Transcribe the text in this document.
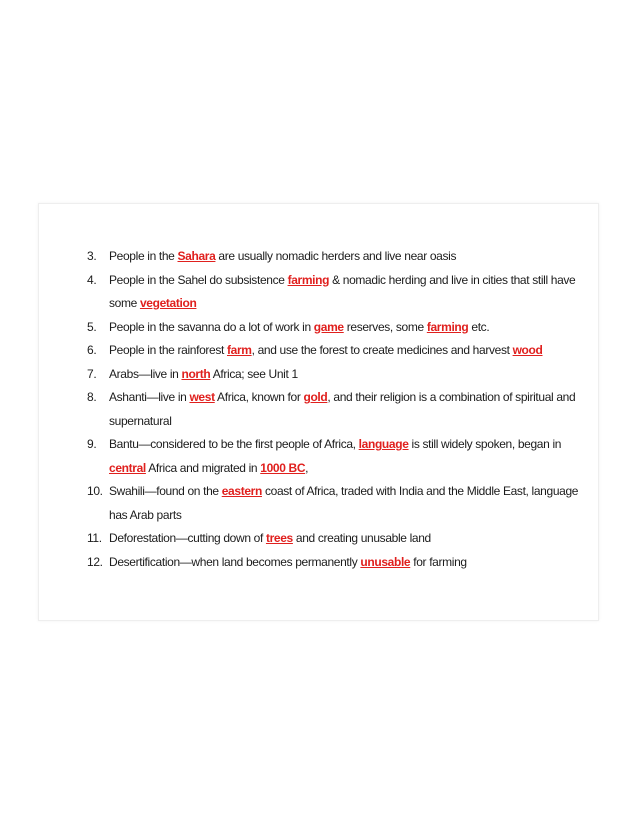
3.	People in the Sahara are usually nomadic herders and live near oasis
4.	People in the Sahel do subsistence farming & nomadic herding and live in cities that still have some vegetation
5.	People in the savanna do a lot of work in game reserves, some farming etc.
6.	People in the rainforest farm, and use the forest to create medicines and harvest wood
7.	Arabs—live in north Africa; see Unit 1
8.	Ashanti—live in west Africa, known for gold, and their religion is a combination of spiritual and supernatural
9.	Bantu—considered to be the first people of Africa, language is still widely spoken, began in central Africa and migrated in 1000 BC,
10. Swahili—found on the eastern coast of Africa, traded with India and the Middle East, language has Arab parts
11. Deforestation—cutting down of trees and creating unusable land
12. Desertification—when land becomes permanently unusable for farming
